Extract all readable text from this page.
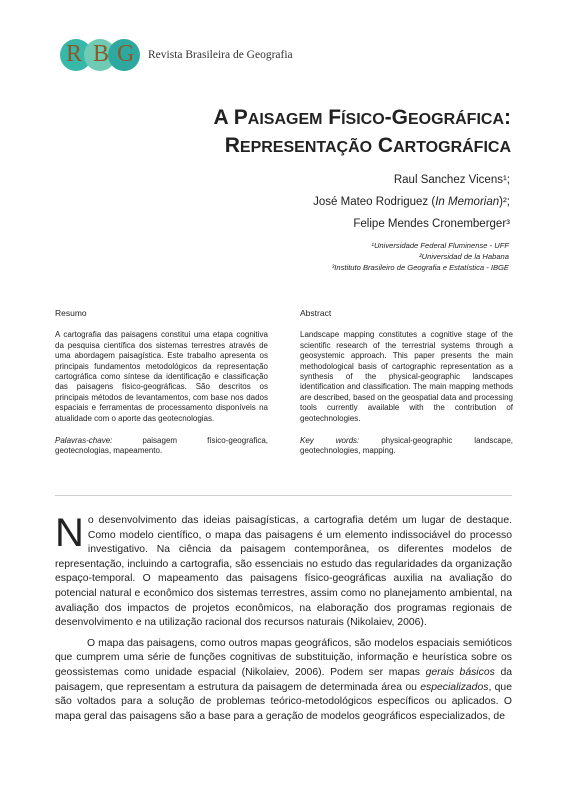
R B G Revista Brasileira de Geografia
A PAISAGEM FÍSICO-GEOGRÁFICA:
REPRESENTAÇÃO CARTOGRÁFICA
Raul Sanchez Vicens¹;
José Mateo Rodriguez (In Memorian)²;
Felipe Mendes Cronemberger³
¹Universidade Federal Fluminense - UFF
²Universidad de la Habana
³Instituto Brasileiro de Geografia e Estatística - IBGE
Resumo
A cartografia das paisagens constitui uma etapa cognitiva da pesquisa científica dos sistemas terrestres através de uma abordagem paisagística. Este trabalho apresenta os principais fundamentos metodológicos da representação cartográfica como síntese da identificação e classificação das paisagens físico-geográficas. São descritos os principais métodos de levantamentos, com base nos dados espaciais e ferramentas de processamento disponíveis na atualidade com o aporte das geotecnologias.
Palavras-chave: paisagem físico-geografica, geotecnologias, mapeamento.
Abstract
Landscape mapping constitutes a cognitive stage of the scientific research of the terrestrial systems through a geosystemic approach. This paper presents the main methodological basis of cartographic representation as a synthesis of the physical-geographic landscapes identification and classification. The main mapping methods are described, based on the geospatial data and processing tools currently available with the contribution of geotechnologies.
Key words: physical-geographic landscape, geotechnologies, mapping.
No desenvolvimento das ideias paisagísticas, a cartografia detém um lugar de destaque. Como modelo científico, o mapa das paisagens é um elemento indissociável do processo investigativo. Na ciência da paisagem contemporânea, os diferentes modelos de representação, incluindo a cartografia, são essenciais no estudo das regularidades da organização espaço-temporal. O mapeamento das paisagens físico-geográficas auxilia na avaliação do potencial natural e econômico dos sistemas terrestres, assim como no planejamento ambiental, na avaliação dos impactos de projetos econômicos, na elaboração dos programas regionais de desenvolvimento e na utilização racional dos recursos naturais (Nikolaiev, 2006).
O mapa das paisagens, como outros mapas geográficos, são modelos espaciais semióticos que cumprem uma série de funções cognitivas de substituição, informação e heurística sobre os geossistemas como unidade espacial (Nikolaiev, 2006). Podem ser mapas gerais básicos da paisagem, que representam a estrutura da paisagem de determinada área ou especializados, que são voltados para a solução de problemas teórico-metodológicos específicos ou aplicados. O mapa geral das paisagens são a base para a geração de modelos geográficos especializados, de
